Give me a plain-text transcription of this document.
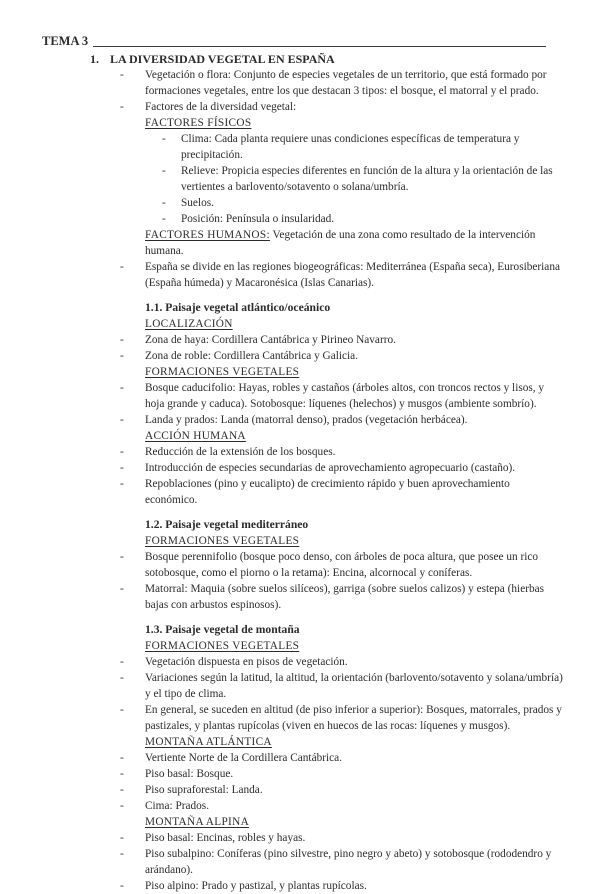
TEMA 3
1. LA DIVERSIDAD VEGETAL EN ESPAÑA
- Vegetación o flora: Conjunto de especies vegetales de un territorio, que está formado por formaciones vegetales, entre los que destacan 3 tipos: el bosque, el matorral y el prado.
- Factores de la diversidad vegetal:
FACTORES FÍSICOS
- Clima: Cada planta requiere unas condiciones específicas de temperatura y precipitación.
- Relieve: Propicia especies diferentes en función de la altura y la orientación de las vertientes a barlovento/sotavento o solana/umbría.
- Suelos.
- Posición: Península o insularidad.
FACTORES HUMANOS: Vegetación de una zona como resultado de la intervención humana.
- España se divide en las regiones biogeográficas: Mediterránea (España seca), Eurosiberiana (España húmeda) y Macaronésica (Islas Canarias).
1.1. Paisaje vegetal atlántico/oceánico
LOCALIZACIÓN
- Zona de haya: Cordillera Cantábrica y Pirineo Navarro.
- Zona de roble: Cordillera Cantábrica y Galicia.
FORMACIONES VEGETALES
- Bosque caducifolio: Hayas, robles y castaños (árboles altos, con troncos rectos y lisos, y hoja grande y caduca). Sotobosque: líquenes (helechos) y musgos (ambiente sombrío).
- Landa y prados: Landa (matorral denso), prados (vegetación herbácea).
ACCIÓN HUMANA
- Reducción de la extensión de los bosques.
- Introducción de especies secundarias de aprovechamiento agropecuario (castaño).
- Repoblaciones (pino y eucalipto) de crecimiento rápido y buen aprovechamiento económico.
1.2. Paisaje vegetal mediterráneo
FORMACIONES VEGETALES
- Bosque perennifolio (bosque poco denso, con árboles de poca altura, que posee un rico sotobosque, como el piorno o la retama): Encina, alcornocal y coníferas.
- Matorral: Maquia (sobre suelos silíceos), garriga (sobre suelos calizos) y estepa (hierbas bajas con arbustos espinosos).
1.3. Paisaje vegetal de montaña
FORMACIONES VEGETALES
- Vegetación dispuesta en pisos de vegetación.
- Variaciones según la latitud, la altitud, la orientación (barlovento/sotavento y solana/umbría) y el tipo de clima.
- En general, se suceden en altitud (de piso inferior a superior): Bosques, matorrales, prados y pastizales, y plantas rupícolas (viven en huecos de las rocas: líquenes y musgos).
MONTAÑA ATLÁNTICA
- Vertiente Norte de la Cordillera Cantábrica.
- Piso basal: Bosque.
- Piso supraforestal: Landa.
- Cima: Prados.
MONTAÑA ALPINA
- Piso basal: Encinas, robles y hayas.
- Piso subalpino: Coníferas (pino silvestre, pino negro y abeto) y sotobosque (rododendro y arándano).
- Piso alpino: Prado y pastizal, y plantas rupícolas.
